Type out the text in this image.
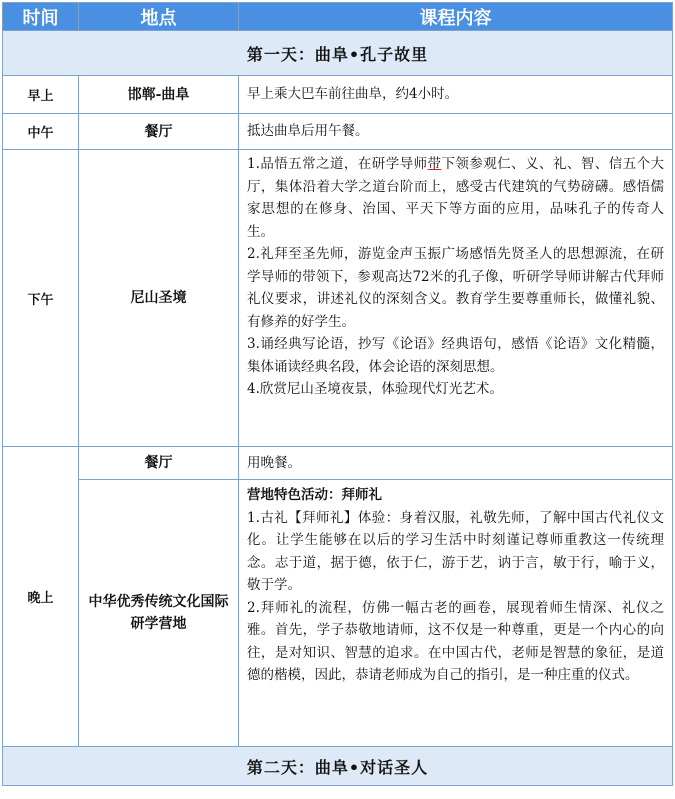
时间	地点	课程内容
第一天：曲阜•孔子故里		
早上	邯郸-曲阜	早上乘大巴车前往曲阜，约4小时。
中午	餐厅	抵达曲阜后用午餐。
下午	尼山圣境	1.品悟五常之道，在研学导师带下领参观仁、义、礼、智、信五个大厅，集体沿着大学之道台阶而上，感受古代建筑的气势磅礴。感悟儒家思想的在修身、治国、平天下等方面的应用，品味孔子的传奇人生。

2.礼拜至圣先师，游览金声玉振广场感悟先贤圣人的思想源流，在研学导师的带领下，参观高达72米的孔子像，听研学导师讲解古代拜师礼仪要求，讲述礼仪的深刻含义。教育学生要尊重师长，做懂礼貌、有修养的好学生。

3.诵经典写论语，抄写《论语》经典语句，感悟《论语》文化精髓，集体诵读经典名段，体会论语的深刻思想。

4.欣赏尼山圣境夜景，体验现代灯光艺术。

晚上	餐厅	用晚餐。
	中华优秀传统文化国际研学营地	营地特色活动：拜师礼

1.古礼【拜师礼】体验：身着汉服，礼敬先师，了解中国古代礼仪文化。让学生能够在以后的学习生活中时刻谨记尊师重教这一传统理念。志于道，据于德，依于仁，游于艺，讷于言，敏于行，喻于义，敬于学。

2.拜师礼的流程，仿佛一幅古老的画卷，展现着师生情深、礼仪之雅。首先，学子恭敬地请师，这不仅是一种尊重，更是一个内心的向往，是对知识、智慧的追求。在中国古代，老师是智慧的象征，是道德的楷模，因此，恭请老师成为自己的指引，是一种庄重的仪式。

第二天：曲阜•对话圣人		
